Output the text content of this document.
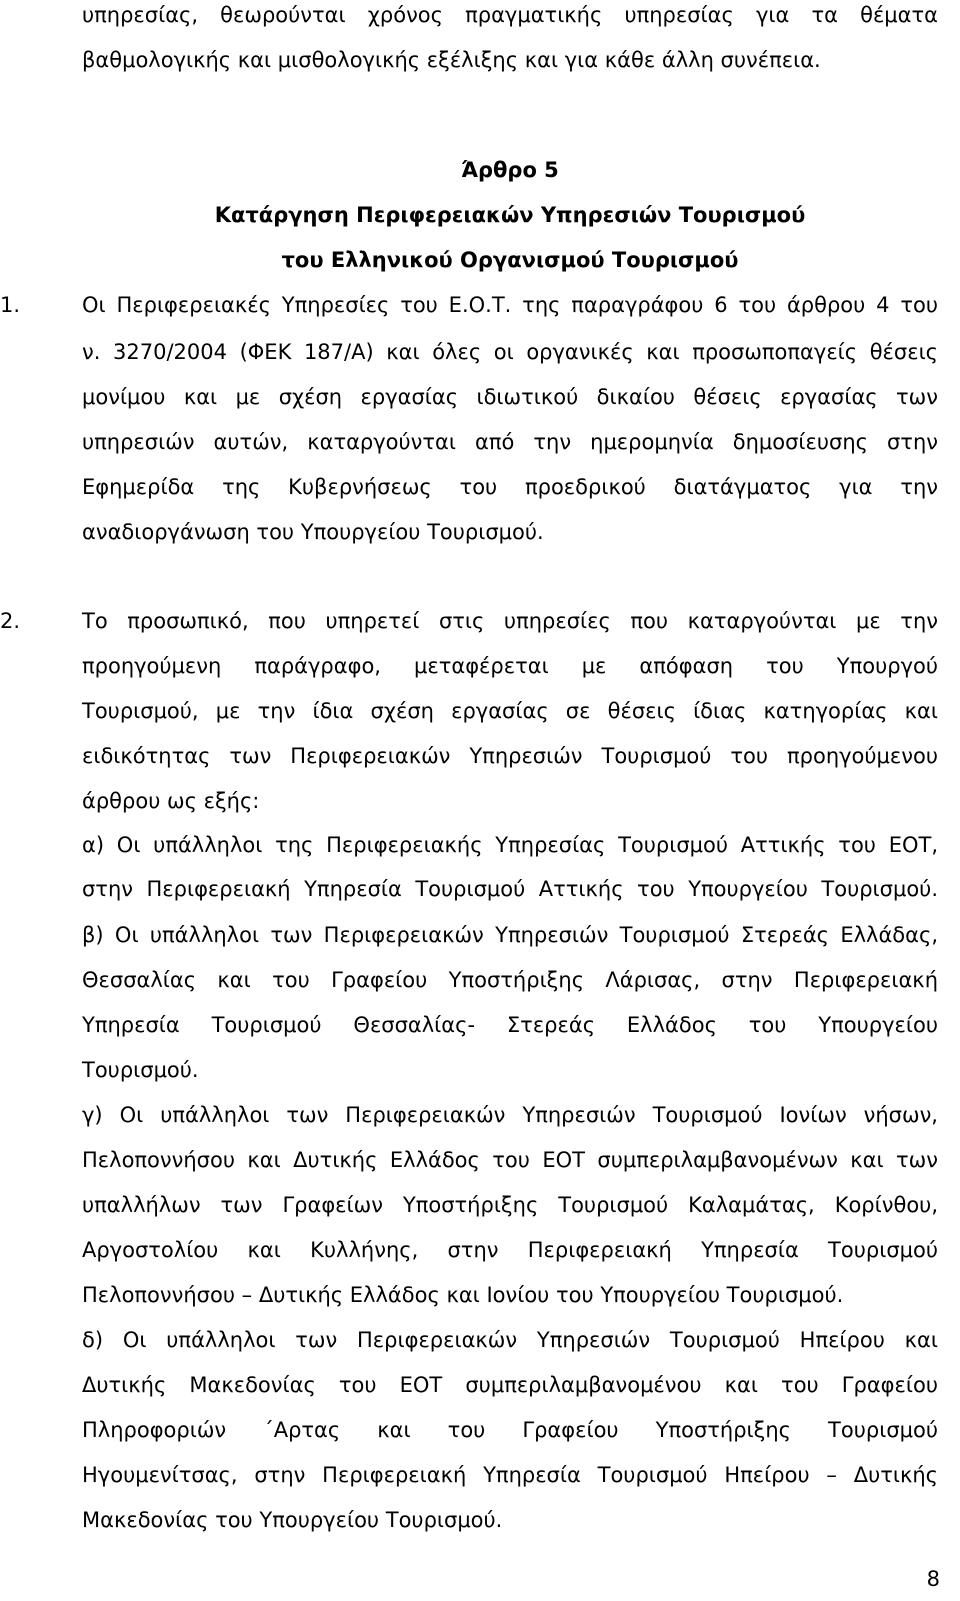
υπηρεσίας, θεωρούνται χρόνος πραγματικής υπηρεσίας για τα θέματα
βαθμολογικής και μισθολογικής εξέλιξης και για κάθε άλλη συνέπεια.
Άρθρο 5
Κατάργηση Περιφερειακών Υπηρεσιών Τουρισμού
του Ελληνικού Οργανισμού Τουρισμού
1.	Οι Περιφερειακές Υπηρεσίες του Ε.Ο.Τ. της παραγράφου 6 του άρθρου 4 του
ν. 3270/2004 (ΦΕΚ 187/Α) και όλες οι οργανικές και προσωποπαγείς θέσεις
μονίμου και με σχέση εργασίας ιδιωτικού δικαίου θέσεις εργασίας των
υπηρεσιών αυτών, καταργούνται από την ημερομηνία δημοσίευσης στην
Εφημερίδα της Κυβερνήσεως του προεδρικού διατάγματος για την
αναδιοργάνωση του Υπουργείου Τουρισμού.
2.	Το προσωπικό, που υπηρετεί στις υπηρεσίες που καταργούνται με την
προηγούμενη παράγραφο, μεταφέρεται με απόφαση του Υπουργού
Τουρισμού, με την ίδια σχέση εργασίας σε θέσεις ίδιας κατηγορίας και
ειδικότητας των Περιφερειακών Υπηρεσιών Τουρισμού του προηγούμενου
άρθρου ως εξής:
α) Οι υπάλληλοι της Περιφερειακής Υπηρεσίας Τουρισμού Αττικής του ΕΟΤ,
στην Περιφερειακή Υπηρεσία Τουρισμού Αττικής του Υπουργείου Τουρισμού.
β) Οι υπάλληλοι των Περιφερειακών Υπηρεσιών Τουρισμού Στερεάς Ελλάδας,
Θεσσαλίας και του Γραφείου Υποστήριξης Λάρισας, στην Περιφερειακή
Υπηρεσία Τουρισμού Θεσσαλίας- Στερεάς Ελλάδος του Υπουργείου
Τουρισμού.
γ) Οι υπάλληλοι των Περιφερειακών Υπηρεσιών Τουρισμού Ιονίων νήσων,
Πελοποννήσου και Δυτικής Ελλάδος του ΕΟΤ συμπεριλαμβανομένων και των
υπαλλήλων των Γραφείων Υποστήριξης Τουρισμού Καλαμάτας, Κορίνθου,
Αργοστολίου και Κυλλήνης, στην Περιφερειακή Υπηρεσία Τουρισμού
Πελοποννήσου – Δυτικής Ελλάδος και Ιονίου του Υπουργείου Τουρισμού.
δ) Οι υπάλληλοι των Περιφερειακών Υπηρεσιών Τουρισμού Ηπείρου και
Δυτικής Μακεδονίας του ΕΟΤ συμπεριλαμβανομένου και του Γραφείου
Πληροφοριών ΄Αρτας και του Γραφείου Υποστήριξης Τουρισμού
Ηγουμενίτσας, στην Περιφερειακή Υπηρεσία Τουρισμού Ηπείρου – Δυτικής
Μακεδονίας του Υπουργείου Τουρισμού.
8
